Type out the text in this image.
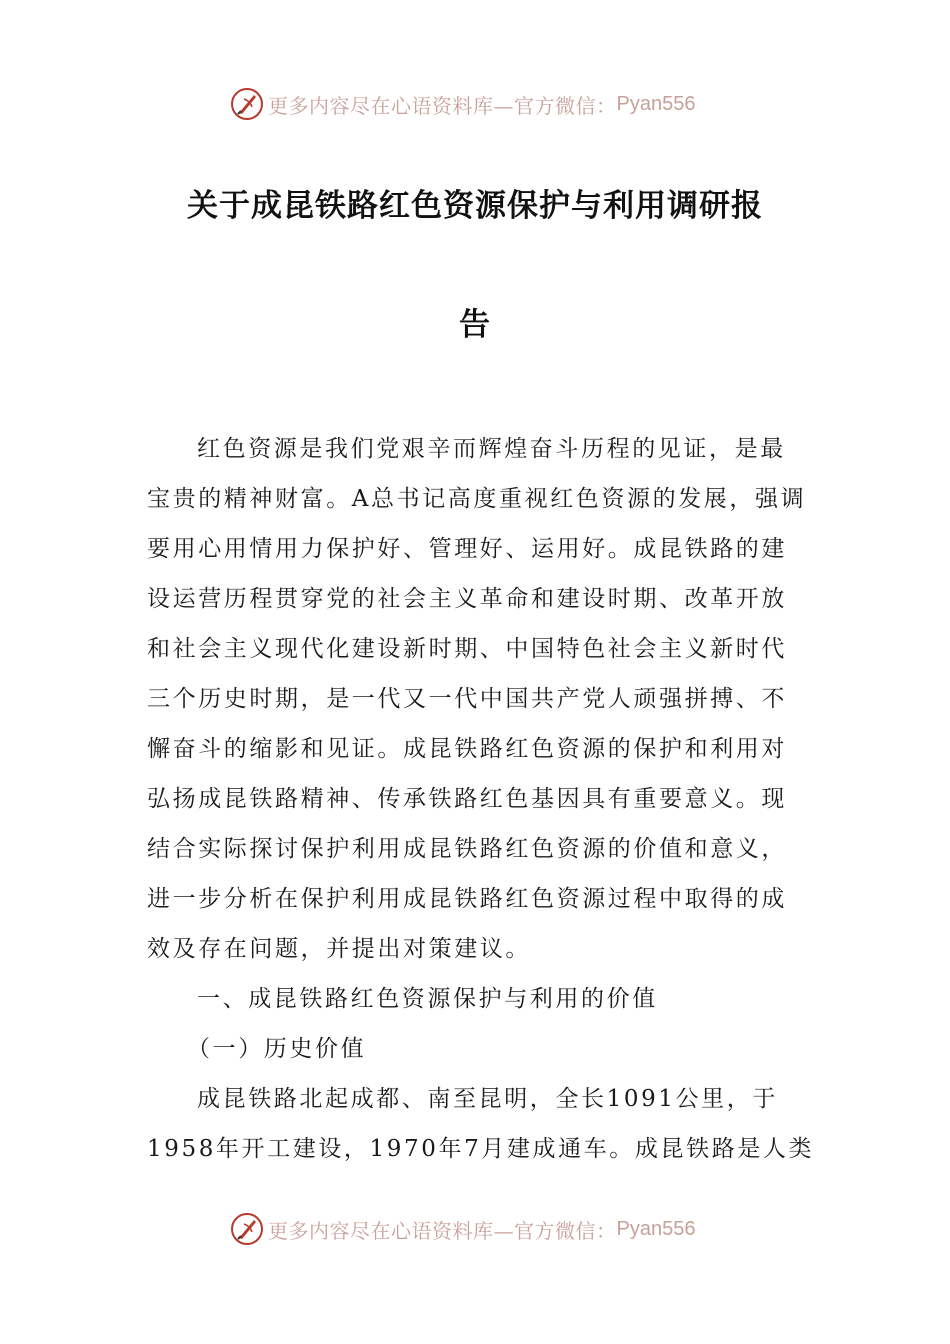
更多内容尽在心语资料库—官方微信： Pyan556
关于成昆铁路红色资源保护与利用调研报
告
红色资源是我们党艰辛而辉煌奋斗历程的见证，是最
宝贵的精神财富。A总书记高度重视红色资源的发展，强调
要用心用情用力保护好、管理好、运用好。成昆铁路的建
设运营历程贯穿党的社会主义革命和建设时期、改革开放
和社会主义现代化建设新时期、中国特色社会主义新时代
三个历史时期，是一代又一代中国共产党人顽强拼搏、不
懈奋斗的缩影和见证。成昆铁路红色资源的保护和利用对
弘扬成昆铁路精神、传承铁路红色基因具有重要意义。现
结合实际探讨保护利用成昆铁路红色资源的价值和意义，
进一步分析在保护利用成昆铁路红色资源过程中取得的成
效及存在问题，并提出对策建议。
一、成昆铁路红色资源保护与利用的价值
（一）历史价值
成昆铁路北起成都、南至昆明，全长1091公里，于
1958年开工建设，1970年7月建成通车。成昆铁路是人类
更多内容尽在心语资料库—官方微信： Pyan556
